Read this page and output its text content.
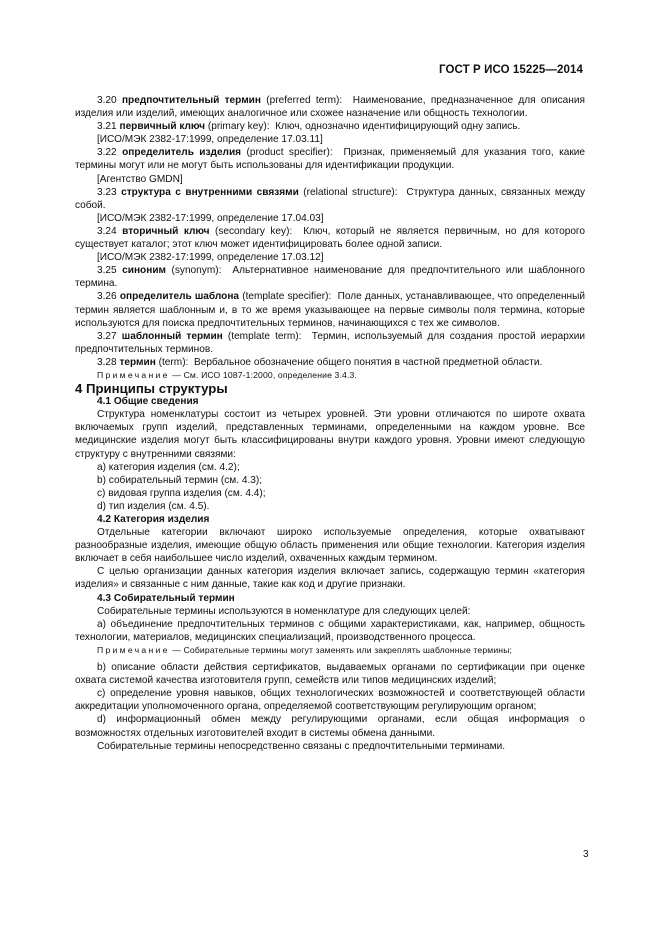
ГОСТ Р ИСО 15225—2014

3.20 предпочтительный термин (preferred term): Наименование, предназначенное для описания изделия или изделий, имеющих аналогичное или схожее назначение или общность технологии.

3.21 первичный ключ (primary key): Ключ, однозначно идентифицирующий одну запись.

[ИСО/МЭК 2382-17:1999, определение 17.03.11]

3.22 определитель изделия (product specifier): Признак, применяемый для указания того, какие термины могут или не могут быть использованы для идентификации продукции.

[Агентство GMDN]

3.23 структура с внутренними связями (relational structure): Структура данных, связанных между собой.

[ИСО/МЭК 2382-17:1999, определение 17.04.03]

3.24 вторичный ключ (secondary key): Ключ, который не является первичным, но для которого существует каталог; этот ключ может идентифицировать более одной записи.

[ИСО/МЭК 2382-17:1999, определение 17.03.12]

3.25 синоним (synonym): Альтернативное наименование для предпочтительного или шаблонного термина.

3.26 определитель шаблона (template specifier): Поле данных, устанавливающее, что определенный термин является шаблонным и, в то же время указывающее на первые символы поля термина, которые используются для поиска предпочтительных терминов, начинающихся с тех же символов.

3.27 шаблонный термин (template term): Термин, используемый для создания простой иерархии предпочтительных терминов.

3.28 термин (term): Вербальное обозначение общего понятия в частной предметной области.

Примечание — См. ИСО 1087-1:2000, определение 3.4.3.

4 Принципы структуры

4.1 Общие сведения

Структура номенклатуры состоит из четырех уровней. Эти уровни отличаются по широте охвата включаемых групп изделий, представленных терминами, определенными на каждом уровне. Все медицинские изделия могут быть классифицированы внутри каждого уровня. Уровни имеют следующую структуру с внутренними связями:

a) категория изделия (см. 4.2);

b) собирательный термин (см. 4.3);

c) видовая группа изделия (см. 4.4);

d) тип изделия (см. 4.5).

4.2 Категория изделия

Отдельные категории включают широко используемые определения, которые охватывают разнообразные изделия, имеющие общую область применения или общие технологии. Категория изделия включает в себя наибольшее число изделий, охваченных каждым термином.

С целью организации данных категория изделия включает запись, содержащую термин «категория изделия» и связанные с ним данные, такие как код и другие признаки.

4.3 Собирательный термин

Собирательные термины используются в номенклатуре для следующих целей:

a) объединение предпочтительных терминов с общими характеристиками, как, например, общность технологии, материалов, медицинских специализаций, производственного процесса.

Примечание — Собирательные термины могут заменять или закреплять шаблонные термины;

b) описание области действия сертификатов, выдаваемых органами по сертификации при оценке охвата системой качества изготовителя групп, семейств или типов медицинских изделий;

c) определение уровня навыков, общих технологических возможностей и соответствующей области аккредитации уполномоченного органа, определяемой соответствующим регулирующим органом;

d) информационный обмен между регулирующими органами, если общая информация о возможностях отдельных изготовителей входит в системы обмена данными.

Собирательные термины непосредственно связаны с предпочтительными терминами.

3
